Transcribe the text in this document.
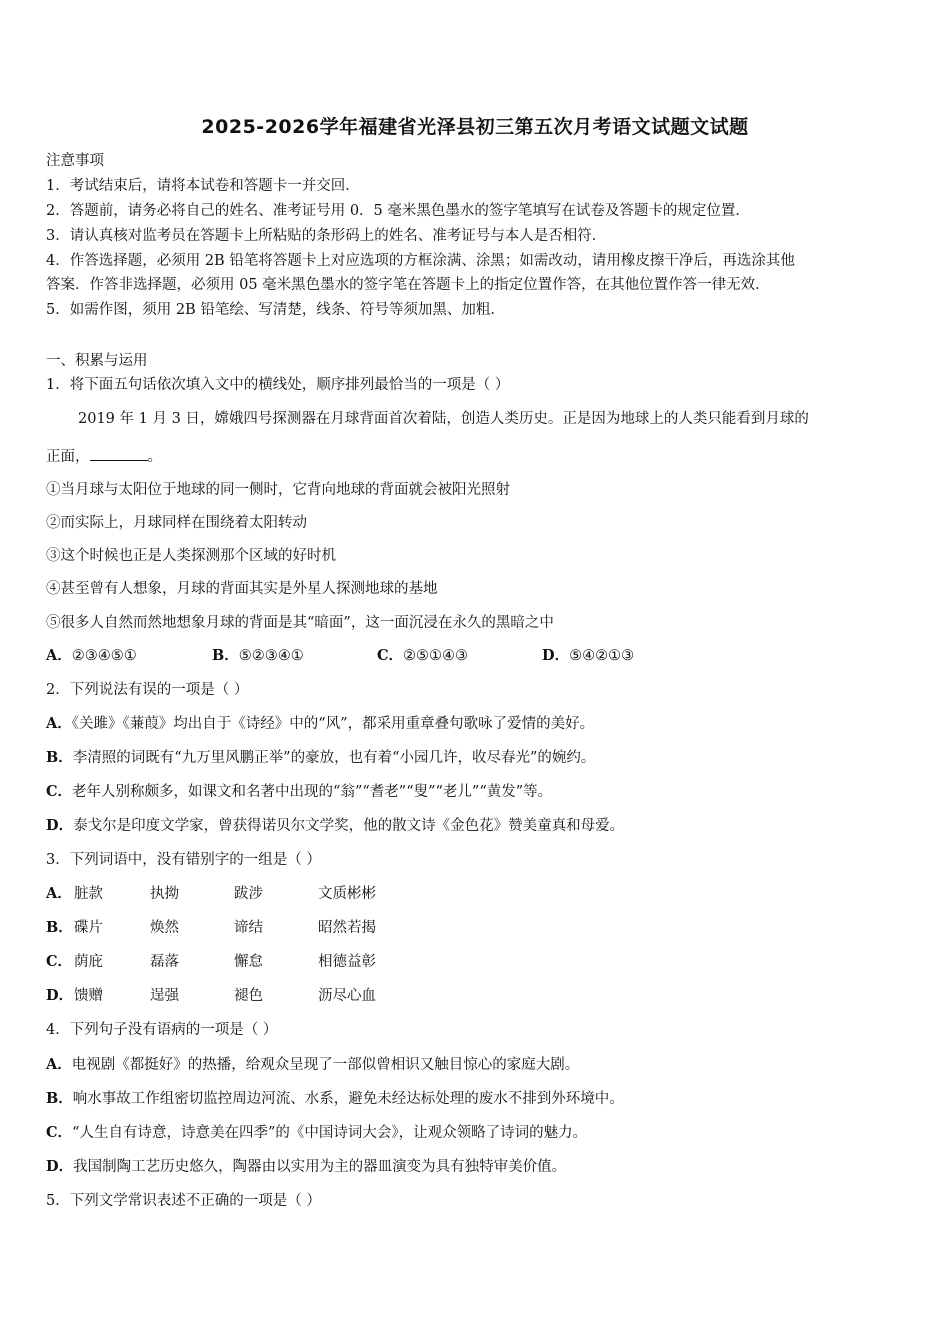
2025-2026学年福建省光泽县初三第五次月考语文试题文试题
注意事项
1．考试结束后，请将本试卷和答题卡一并交回．
2．答题前，请务必将自己的姓名、准考证号用 0．5 毫米黑色墨水的签字笔填写在试卷及答题卡的规定位置．
3．请认真核对监考员在答题卡上所粘贴的条形码上的姓名、准考证号与本人是否相符．
4．作答选择题，必须用 2B 铅笔将答题卡上对应选项的方框涂满、涂黑；如需改动，请用橡皮擦干净后，再选涂其他
答案．作答非选择题，必须用 05 毫米黑色墨水的签字笔在答题卡上的指定位置作答，在其他位置作答一律无效．
5．如需作图，须用 2B 铅笔绘、写清楚，线条、符号等须加黑、加粗．
一、积累与运用
1．将下面五句话依次填入文中的横线处，顺序排列最恰当的一项是（ ）
2019 年 1 月 3 日，嫦娥四号探测器在月球背面首次着陆，创造人类历史。正是因为地球上的人类只能看到月球的
正面，	。
①当月球与太阳位于地球的同一侧时，它背向地球的背面就会被阳光照射
②而实际上，月球同样在围绕着太阳转动
③这个时候也正是人类探测那个区域的好时机
④甚至曾有人想象，月球的背面其实是外星人探测地球的基地
⑤很多人自然而然地想象月球的背面是其“暗面”，这一面沉浸在永久的黑暗之中
A．②③④⑤①	B．⑤②③④①	C．②⑤①④③	D．⑤④②①③
2．下列说法有误的一项是（ ）
A．《关雎》《蒹葭》均出自于《诗经》中的“风”，都采用重章叠句歌咏了爱情的美好。
B．李清照的词既有“九万里风鹏正举”的豪放，也有着“小园几许，收尽春光”的婉约。
C．老年人别称颇多，如课文和名著中出现的“翁”“耆老”“叟”“老儿”“黄发”等。
D．泰戈尔是印度文学家，曾获得诺贝尔文学奖，他的散文诗《金色花》赞美童真和母爱。
3．下列词语中，没有错别字的一组是（ ）
A． 脏款	执拗	跋涉	文质彬彬
B． 碟片	焕然	谛结	昭然若揭
C． 荫庇	磊落	懈怠	相德益彰
D． 馈赠	逞强	褪色	沥尽心血
4．下列句子没有语病的一项是（ ）
A．电视剧《都挺好》的热播，给观众呈现了一部似曾相识又触目惊心的家庭大剧。
B．响水事故工作组密切监控周边河流、水系，避免未经达标处理的废水不排到外环境中。
C．“人生自有诗意，诗意美在四季”的《中国诗词大会》，让观众领略了诗词的魅力。
D．我国制陶工艺历史悠久，陶器由以实用为主的器皿演变为具有独特审美价值。
5．下列文学常识表述不正确的一项是（ ）
